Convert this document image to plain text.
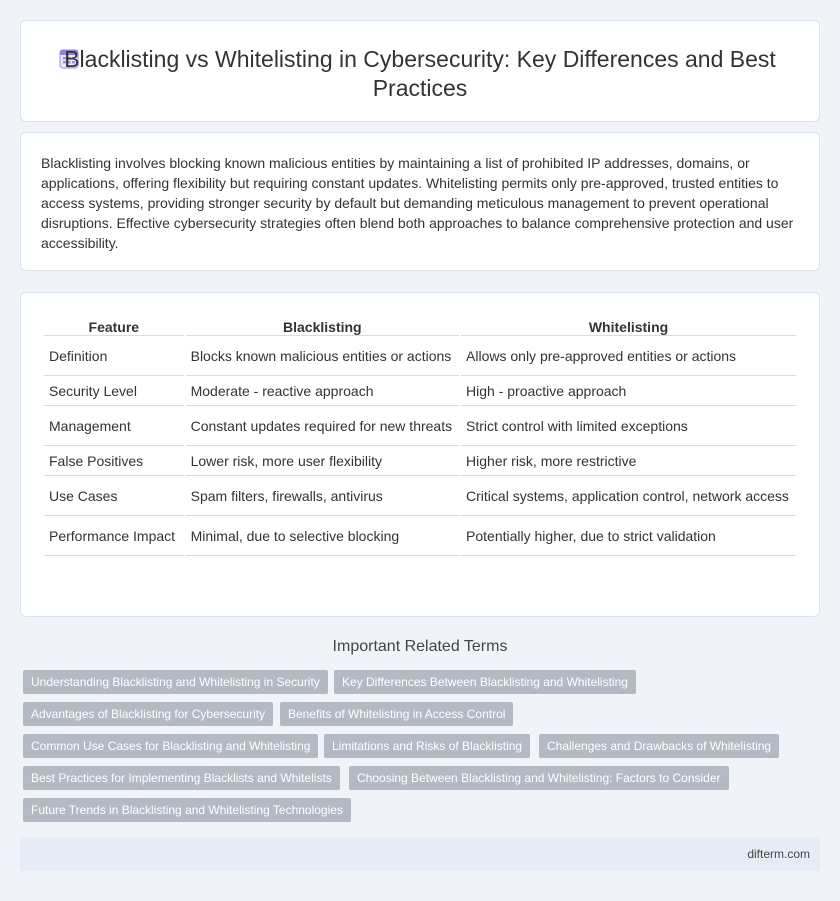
Blacklisting vs Whitelisting in Cybersecurity: Key Differences and Best Practices

Blacklisting involves blocking known malicious entities by maintaining a list of prohibited IP addresses, domains, or applications, offering flexibility but requiring constant updates. Whitelisting permits only pre-approved, trusted entities to access systems, providing stronger security by default but demanding meticulous management to prevent operational disruptions. Effective cybersecurity strategies often blend both approaches to balance comprehensive protection and user accessibility.

Feature	Blacklisting	Whitelisting
Definition	Blocks known malicious entities or actions	Allows only pre-approved entities or actions
Security Level	Moderate - reactive approach	High - proactive approach
Management	Constant updates required for new threats	Strict control with limited exceptions
False Positives	Lower risk, more user flexibility	Higher risk, more restrictive
Use Cases	Spam filters, firewalls, antivirus	Critical systems, application control, network access
Performance Impact	Minimal, due to selective blocking	Potentially higher, due to strict validation
Important Related Terms
Understanding Blacklisting and Whitelisting in Security	Key Differences Between Blacklisting and Whitelisting
Advantages of Blacklisting for Cybersecurity	Benefits of Whitelisting in Access Control
Common Use Cases for Blacklisting and Whitelisting	Limitations and Risks of Blacklisting	Challenges and Drawbacks of Whitelisting
Best Practices for Implementing Blacklists and Whitelists	Choosing Between Blacklisting and Whitelisting: Factors to Consider
Future Trends in Blacklisting and Whitelisting Technologies
difterm.com
